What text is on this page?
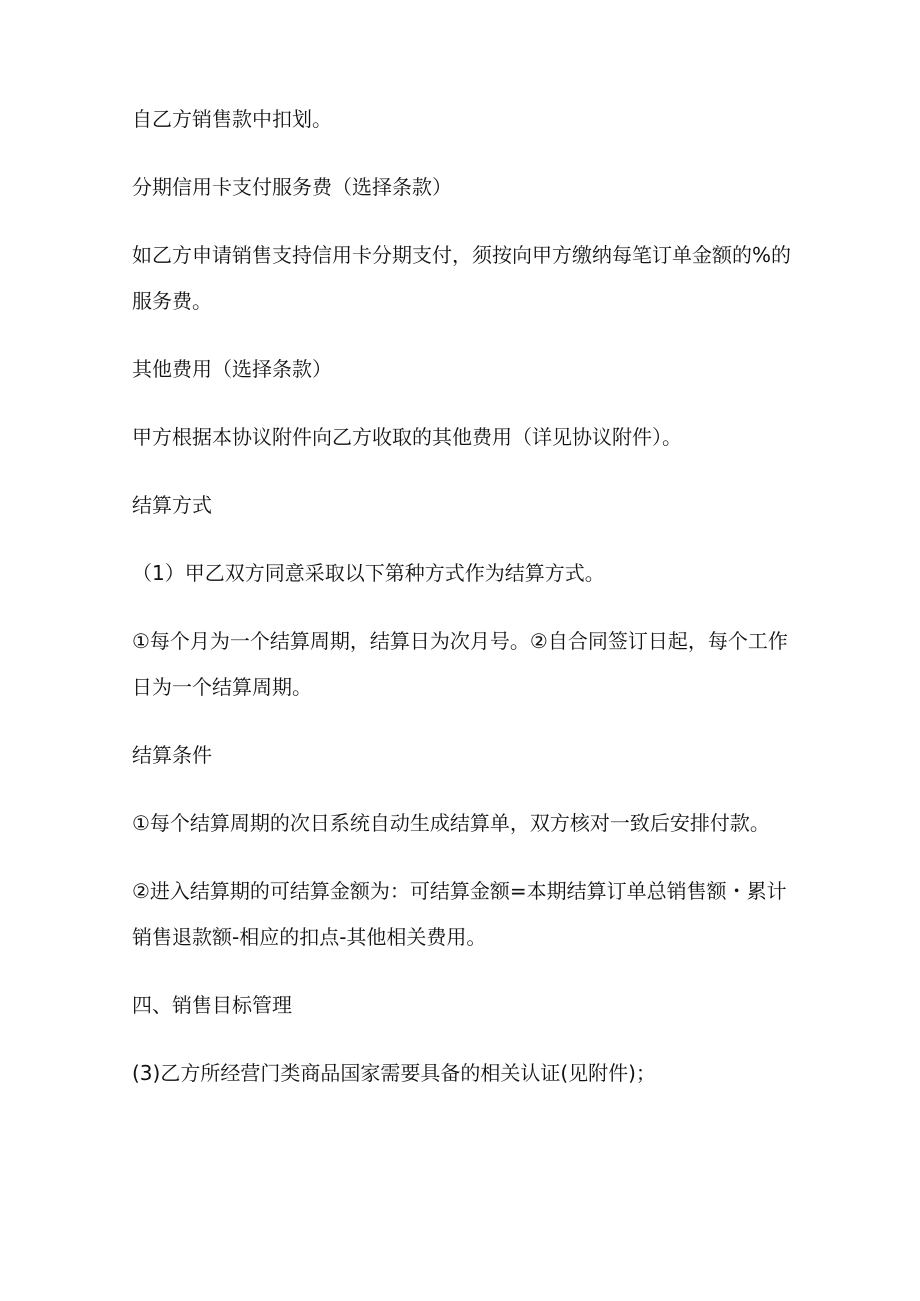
自乙方销售款中扣划。

分期信用卡支付服务费（选择条款）

如乙方申请销售支持信用卡分期支付，须按向甲方缴纳每笔订单金额的%的服务费。

其他费用（选择条款）

甲方根据本协议附件向乙方收取的其他费用（详见协议附件）。

结算方式

（1）甲乙双方同意采取以下第种方式作为结算方式。

①每个月为一个结算周期，结算日为次月号。②自合同签订日起，每个工作日为一个结算周期。

结算条件

①每个结算周期的次日系统自动生成结算单，双方核对一致后安排付款。

②进入结算期的可结算金额为：可结算金额=本期结算订单总销售额・累计销售退款额-相应的扣点-其他相关费用。

四、销售目标管理

(3)乙方所经营门类商品国家需要具备的相关认证(见附件)；
